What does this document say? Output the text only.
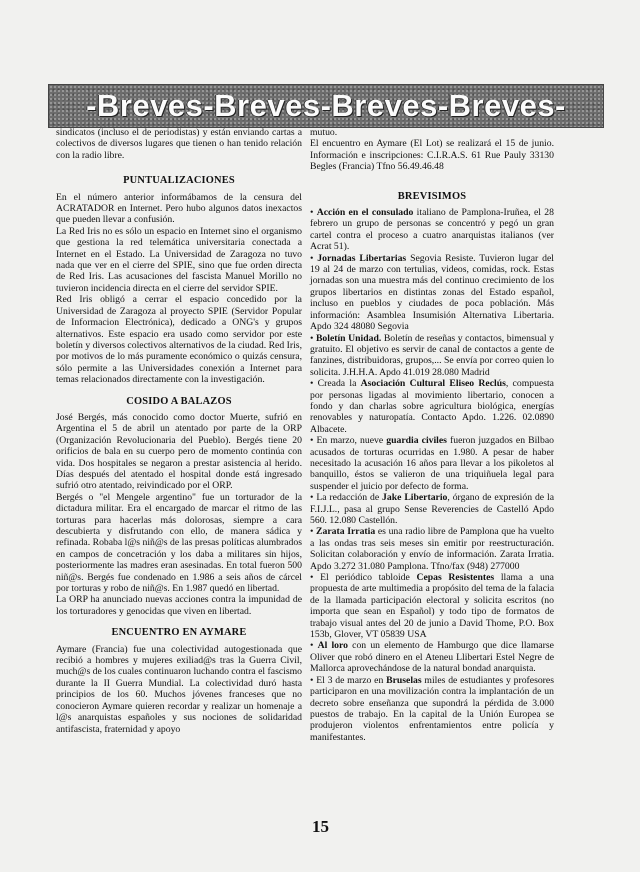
-Breves-Breves-Breves-Breves-

sindicatos (incluso el de periodistas) y están enviando cartas a colectivos de diversos lugares que tienen o han tenido relación con la radio libre.

PUNTUALIZACIONES

En el número anterior informábamos de la censura del ACRATADOR en Internet. Pero hubo algunos datos inexactos que pueden llevar a confusión.

La Red Iris no es sólo un espacio en Internet sino el organismo que gestiona la red telemática universitaria conectada a Internet en el Estado. La Universidad de Zaragoza no tuvo nada que ver en el cierre del SPIE, sino que fue orden directa de Red Iris. Las acusaciones del fascista Manuel Morillo no tuvieron incidencia directa en el cierre del servidor SPIE.

Red Iris obligó a cerrar el espacio concedido por la Universidad de Zaragoza al proyecto SPIE (Servidor Popular de Informacion Electrónica), dedicado a ONG's y grupos alternativos. Este espacio era usado como servidor por este boletín y diversos colectivos alternativos de la ciudad. Red Iris, por motivos de lo más puramente económico o quizás censura, sólo permite a las Universidades conexión a Internet para temas relacionados directamente con la investigación.

COSIDO A BALAZOS

José Bergés, más conocido como doctor Muerte, sufrió en Argentina el 5 de abril un atentado por parte de la ORP (Organización Revolucionaria del Pueblo). Bergés tiene 20 orificios de bala en su cuerpo pero de momento continúa con vida. Dos hospitales se negaron a prestar asistencia al herido. Días después del atentado el hospital donde está ingresado sufrió otro atentado, reivindicado por el ORP.

Bergés o "el Mengele argentino" fue un torturador de la dictadura militar. Era el encargado de marcar el ritmo de las torturas para hacerlas más dolorosas, siempre a cara descubierta y disfrutando con ello, de manera sádica y refinada. Robaba l@s niñ@s de las presas políticas alumbrados en campos de concetración y los daba a militares sin hijos, posteriormente las madres eran asesinadas. En total fueron 500 niñ@s. Bergés fue condenado en 1.986 a seis años de cárcel por torturas y robo de niñ@s. En 1.987 quedó en libertad.

La ORP ha anunciado nuevas acciones contra la impunidad de los torturadores y genocidas que viven en libertad.

ENCUENTRO EN AYMARE

Aymare (Francia) fue una colectividad autogestionada que recibió a hombres y mujeres exiliad@s tras la Guerra Civil, much@s de los cuales continuaron luchando contra el fascismo durante la II Guerra Mundial. La colectividad duró hasta principios de los 60. Muchos jóvenes franceses que no conocieron Aymare quieren recordar y realizar un homenaje a l@s anarquistas españoles y sus nociones de solidaridad antifascista, fraternidad y apoyo

mutuo.

El encuentro en Aymare (El Lot) se realizará el 15 de junio. Información e inscripciones: C.I.R.A.S. 61 Rue Pauly 33130 Begles (Francia) Tfno 56.49.46.48

BREVISIMOS

• Acción en el consulado italiano de Pamplona-Iruñea, el 28 febrero un grupo de personas se concentró y pegó un gran cartel contra el proceso a cuatro anarquistas italianos (ver Acrat 51).

• Jornadas Libertarias Segovia Resiste. Tuvieron lugar del 19 al 24 de marzo con tertulias, videos, comidas, rock. Estas jornadas son una muestra más del continuo crecimiento de los grupos libertarios en distintas zonas del Estado español, incluso en pueblos y ciudades de poca población. Más información: Asamblea Insumisión Alternativa Libertaria. Apdo 324 48080 Segovia

• Boletín Unidad. Boletín de reseñas y contactos, bimensual y gratuito. El objetivo es servir de canal de contactos a gente de fanzines, distribuidoras, grupos,... Se envía por correo quien lo solicita. J.H.H.A. Apdo 41.019 28.080 Madrid

• Creada la Asociación Cultural Eliseo Reclús, compuesta por personas ligadas al movimiento libertario, conocen a fondo y dan charlas sobre agricultura biológica, energías renovables y naturopatía. Contacto Apdo. 1.226. 02.0890 Albacete.

• En marzo, nueve guardia civiles fueron juzgados en Bilbao acusados de torturas ocurridas en 1.980. A pesar de haber necesitado la acusación 16 años para llevar a los pikoletos al banquillo, éstos se valieron de una triquiñuela legal para suspender el juicio por defecto de forma.

• La redacción de Jake Libertario, órgano de expresión de la F.I.J.L., pasa al grupo Sense Reverencies de Castelló Apdo 560. 12.080 Castellón.

• Zarata Irratia es una radio libre de Pamplona que ha vuelto a las ondas tras seis meses sin emitir por reestructuración. Solicitan colaboración y envío de información. Zarata Irratia. Apdo 3.272 31.080 Pamplona. Tfno/fax (948) 277000

• El periódico tabloide Cepas Resistentes llama a una propuesta de arte multimedia a propósito del tema de la falacia de la llamada participación electoral y solicita escritos (no importa que sean en Español) y todo tipo de formatos de trabajo visual antes del 20 de junio a David Thome, P.O. Box 153b, Glover, VT 05839 USA

• Al loro con un elemento de Hamburgo que dice llamarse Oliver que robó dinero en el Ateneu Llibertari Estel Negre de Mallorca aprovechándose de la natural bondad anarquista.

• El 3 de marzo en Bruselas miles de estudiantes y profesores participaron en una movilización contra la implantación de un decreto sobre enseñanza que supondrá la pérdida de 3.000 puestos de trabajo. En la capital de la Unión Europea se produjeron violentos enfrentamientos entre policía y manifestantes.

15
